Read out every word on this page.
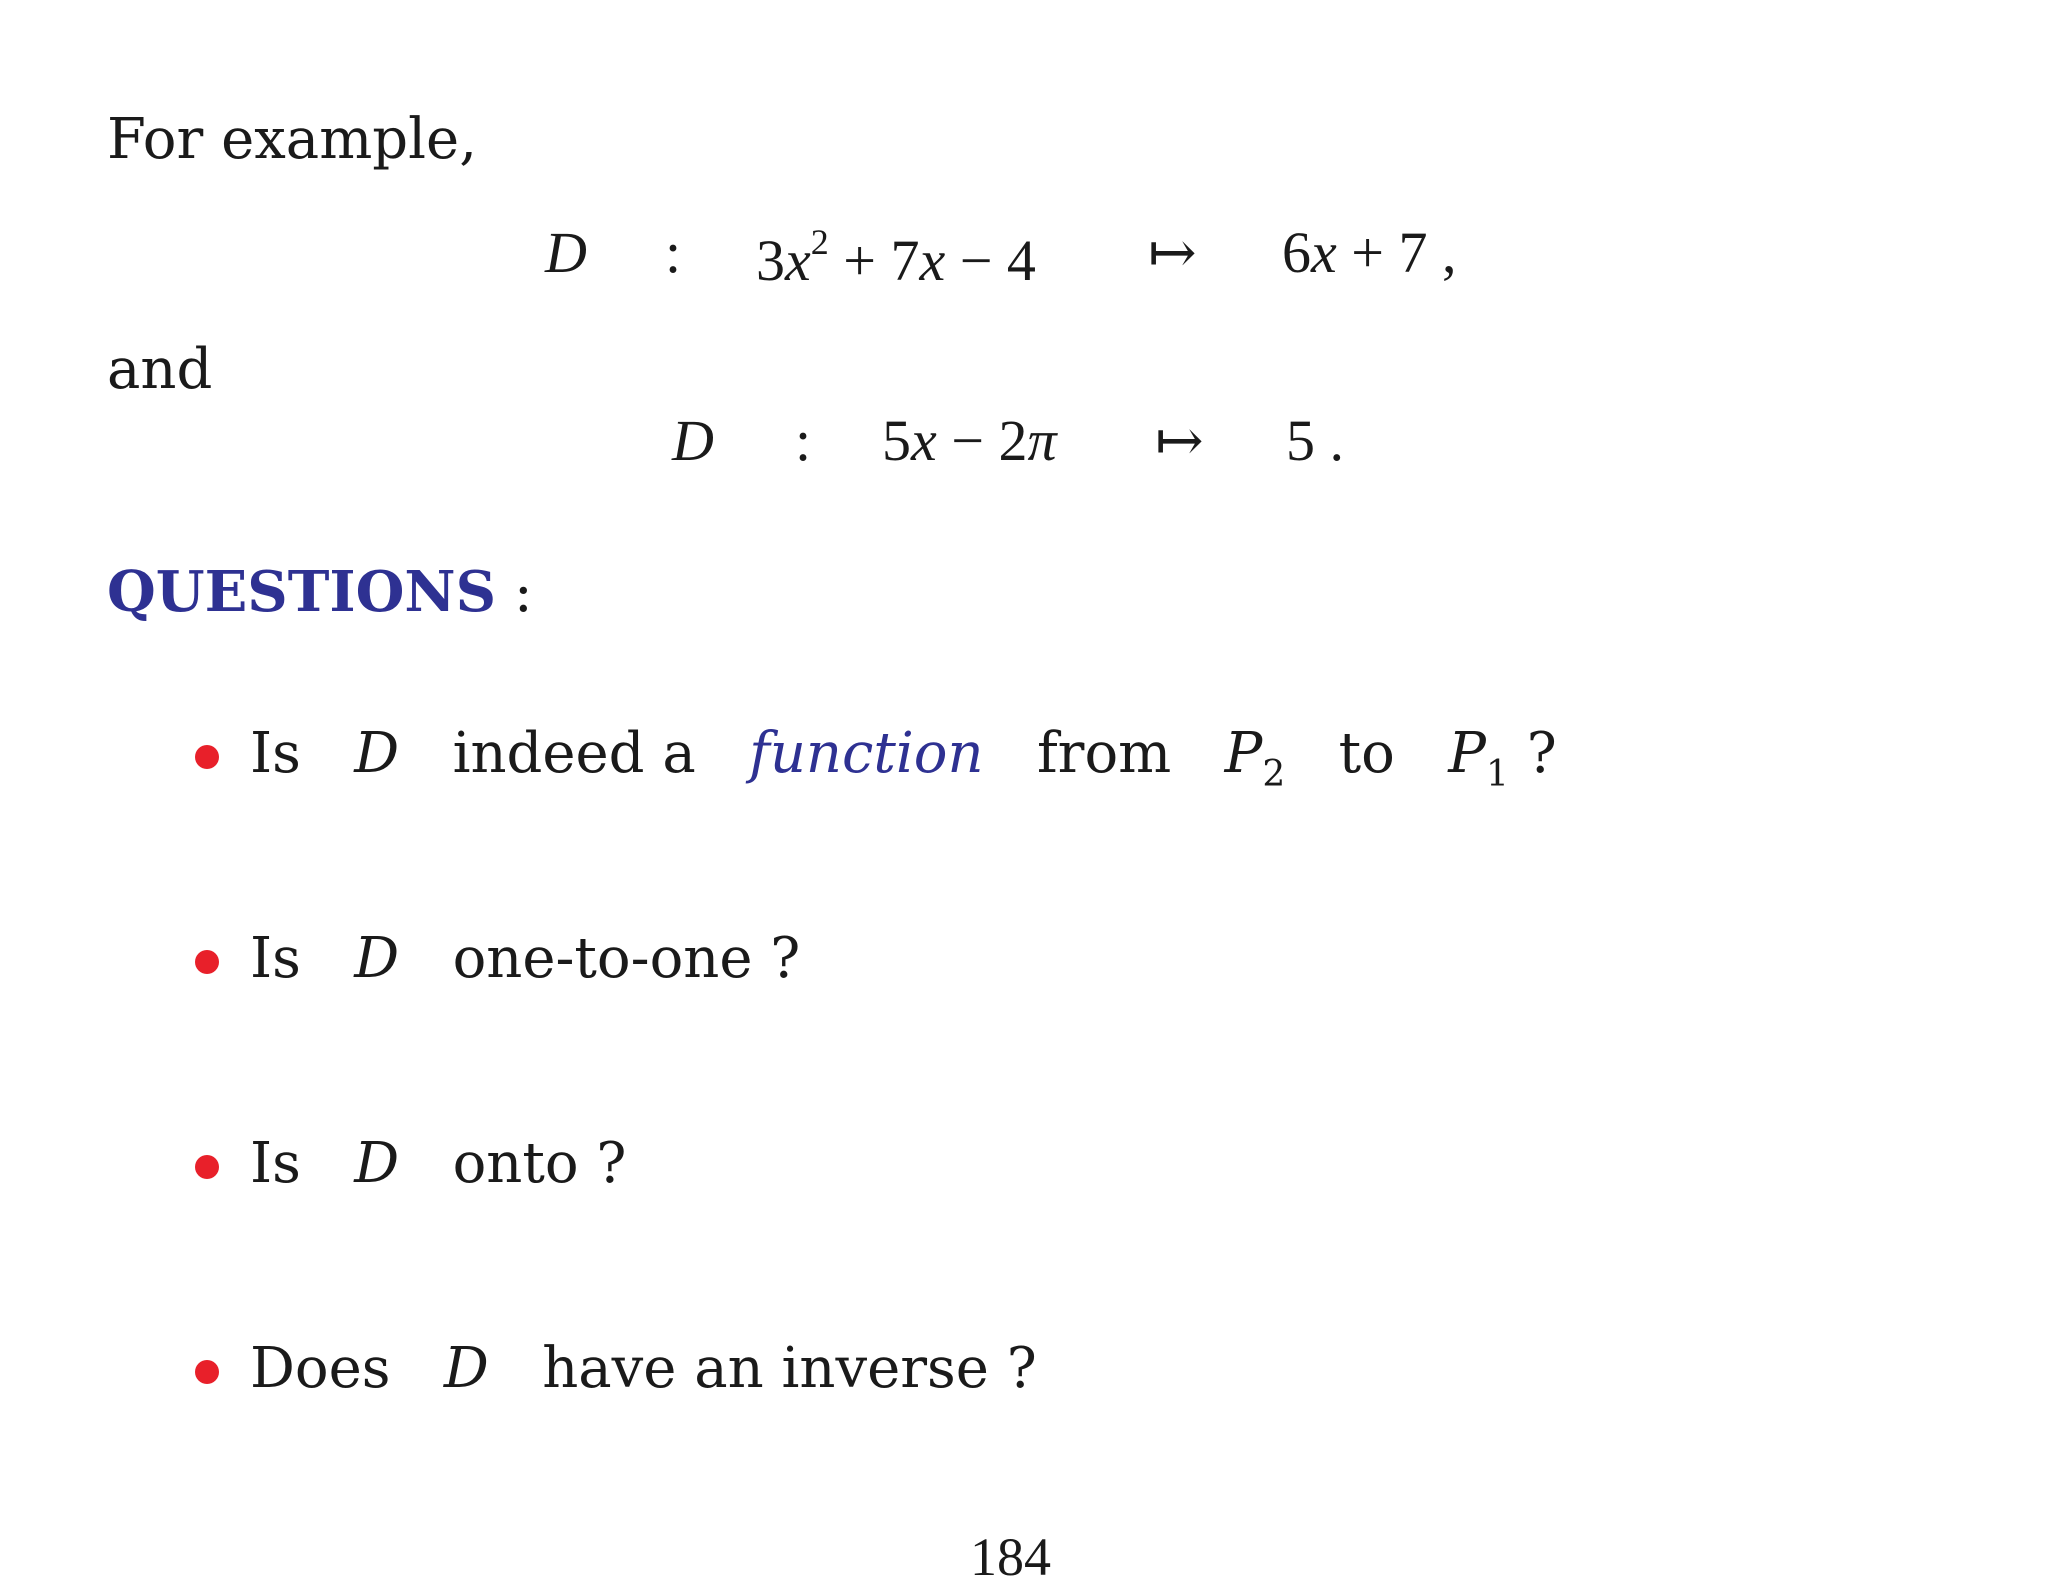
For example,
D : $3x^2 + 7x - 4$ ↦ 6x + 7 ,
and
D : 5x − 2π ↦ 5 .
QUESTIONS :
Is D indeed a function from $P_2$ to $P_1$ ?
Is D one-to-one ?
Is D onto ?
Does D have an inverse ?
184
